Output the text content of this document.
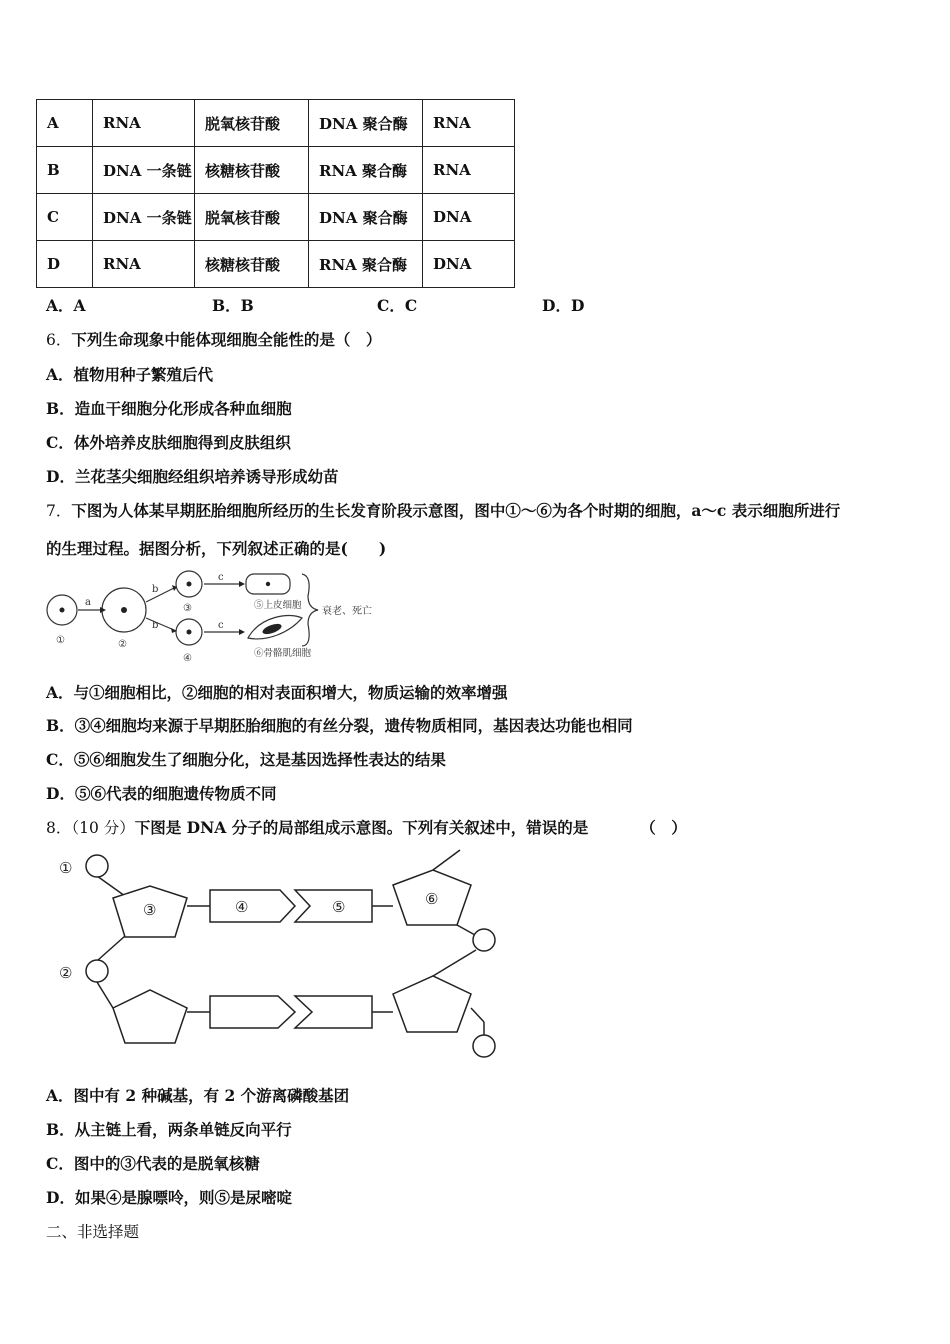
A	RNA	脱氧核苷酸	DNA 聚合酶	RNA
B	DNA 一条链	核糖核苷酸	RNA 聚合酶	RNA
C	DNA 一条链	脱氧核苷酸	DNA 聚合酶	DNA
D	RNA	核糖核苷酸	RNA 聚合酶	DNA
A．A	B．B	C．C	D．D
6．下列生命现象中能体现细胞全能性的是（　）
A．植物用种子繁殖后代
B．造血干细胞分化形成各种血细胞
C．体外培养皮肤细胞得到皮肤组织
D．兰花茎尖细胞经组织培养诱导形成幼苗
7．下图为人体某早期胚胎细胞所经历的生长发育阶段示意图，图中①～⑥为各个时期的细胞，a～c 表示细胞所进行
的生理过程。据图分析，下列叙述正确的是(　　)
①	②
③
④
a
b
b
c
c
⑤上皮细胞
⑥骨骼肌细胞
衰老、死亡
A．与①细胞相比，②细胞的相对表面积增大，物质运输的效率增强
B．③④细胞均来源于早期胚胎细胞的有丝分裂，遗传物质相同，基因表达功能也相同
C．⑤⑥细胞发生了细胞分化，这是基因选择性表达的结果
D．⑤⑥代表的细胞遗传物质不同
8．（10 分）下图是 DNA 分子的局部组成示意图。下列有关叙述中，错误的是	（　）
①
②
③	④	⑤	⑥
A．图中有 2 种碱基，有 2 个游离磷酸基团
B．从主链上看，两条单链反向平行
C．图中的③代表的是脱氧核糖
D．如果④是腺嘌呤，则⑤是尿嘧啶
二、非选择题
